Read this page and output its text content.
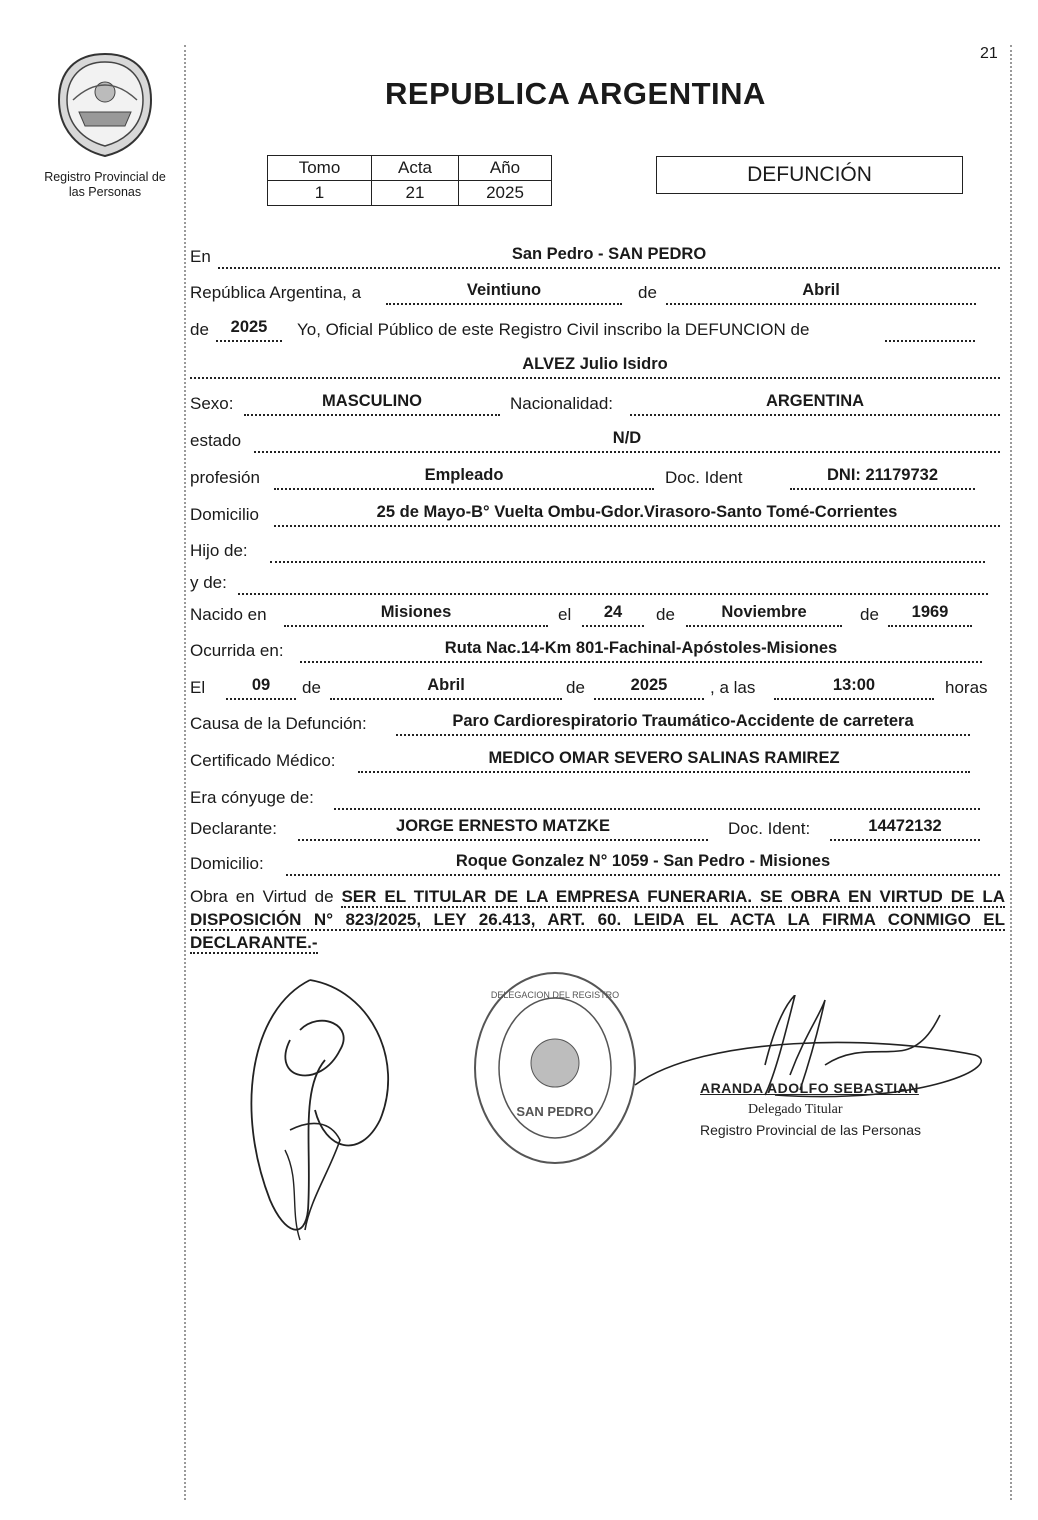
21
Registro Provincial de
las Personas
REPUBLICA ARGENTINA
Tomo	Acta	Año
1	21	2025
DEFUNCIÓN
En	San Pedro - SAN PEDRO
República Argentina, a	Veintiuno	de	Abril
de	2025	Yo, Oficial Público de este Registro Civil inscribo la DEFUNCION de
ALVEZ Julio Isidro
Sexo:	MASCULINO	Nacionalidad:	ARGENTINA
estado	N/D
profesión	Empleado	Doc. Ident	DNI: 21179732
Domicilio	25 de Mayo-B° Vuelta Ombu-Gdor.Virasoro-Santo Tomé-Corrientes
Hijo de:
y de:
Nacido en	Misiones	el	24	de	Noviembre	de	1969
Ocurrida en:	Ruta Nac.14-Km 801-Fachinal-Apóstoles-Misiones
El	09	de	Abril	de	2025	, a las	13:00	horas
Causa de la Defunción:	Paro Cardiorespiratorio Traumático-Accidente de carretera
Certificado Médico:	MEDICO OMAR SEVERO SALINAS RAMIREZ
Era cónyuge de:
Declarante:	JORGE ERNESTO MATZKE	Doc. Ident:	14472132
Domicilio:	Roque Gonzalez N° 1059 - San Pedro - Misiones
Obra en Virtud de SER EL TITULAR DE LA EMPRESA FUNERARIA. SE OBRA EN VIRTUD DE LA DISPOSICIÓN N° 823/2025, LEY 26.413, ART. 60. LEIDA EL ACTA LA FIRMA CONMIGO EL DECLARANTE.-
SAN PEDRO
DELEGACION DEL REGISTRO
ARANDA ADOLFO SEBASTIAN
Delegado Titular
Registro Provincial de las Personas
